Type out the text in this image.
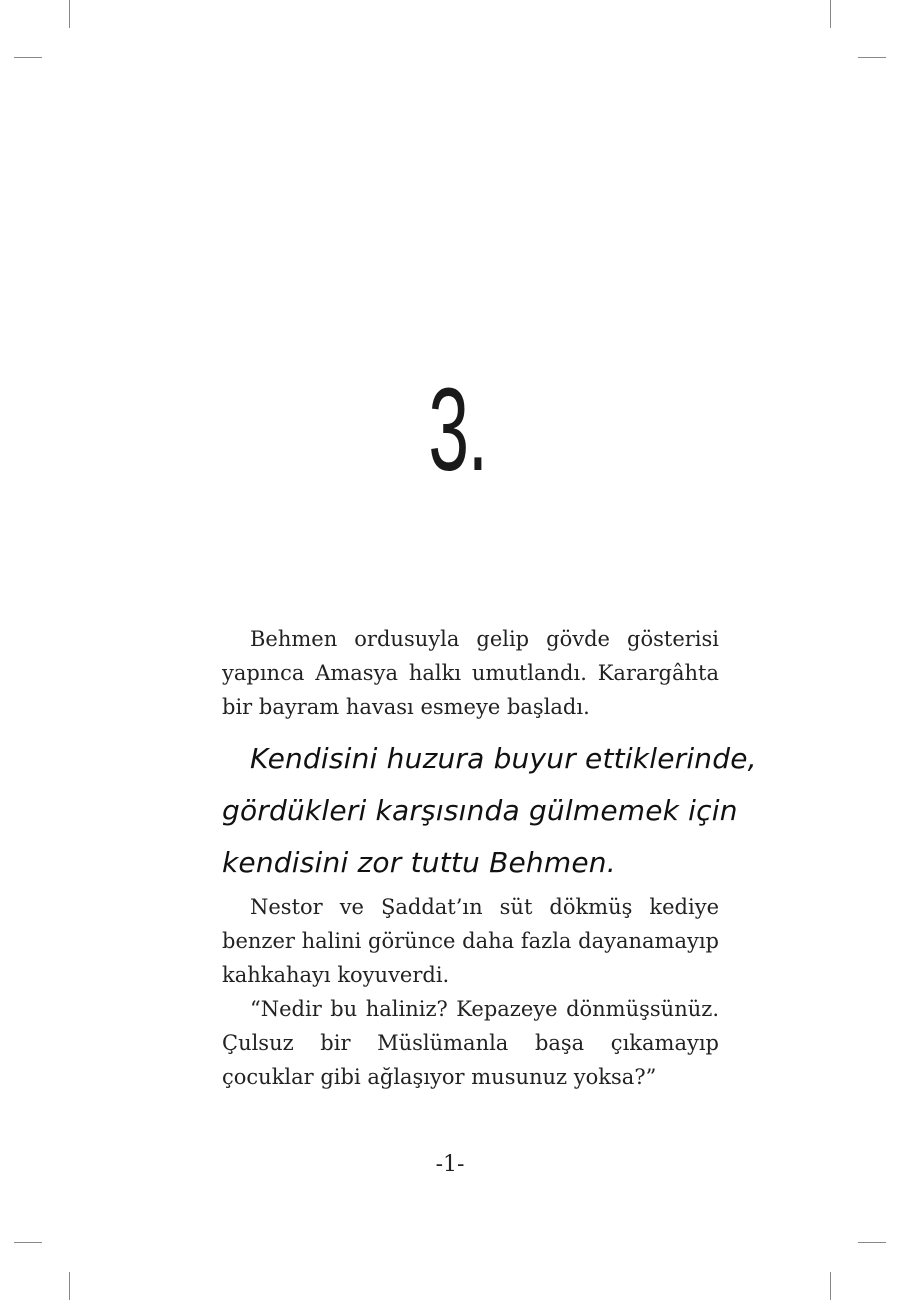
3.

Behmen ordusuyla gelip gövde gösterisi yapınca Amasya halkı umutlandı. Karargâhta bir bayram havası esmeye başladı.

Kendisini huzura buyur ettiklerinde,
gördükleri karşısında gülmemek için
kendisini zor tuttu Behmen.

Nestor ve Şaddat’ın süt dökmüş kediye benzer halini görünce daha fazla dayanamayıp kahkahayı koyuverdi.

“Nedir bu haliniz? Kepazeye dönmüşsünüz. Çulsuz bir Müslümanla başa çıkamayıp çocuklar gibi ağlaşıyor musunuz yoksa?”

-1-
